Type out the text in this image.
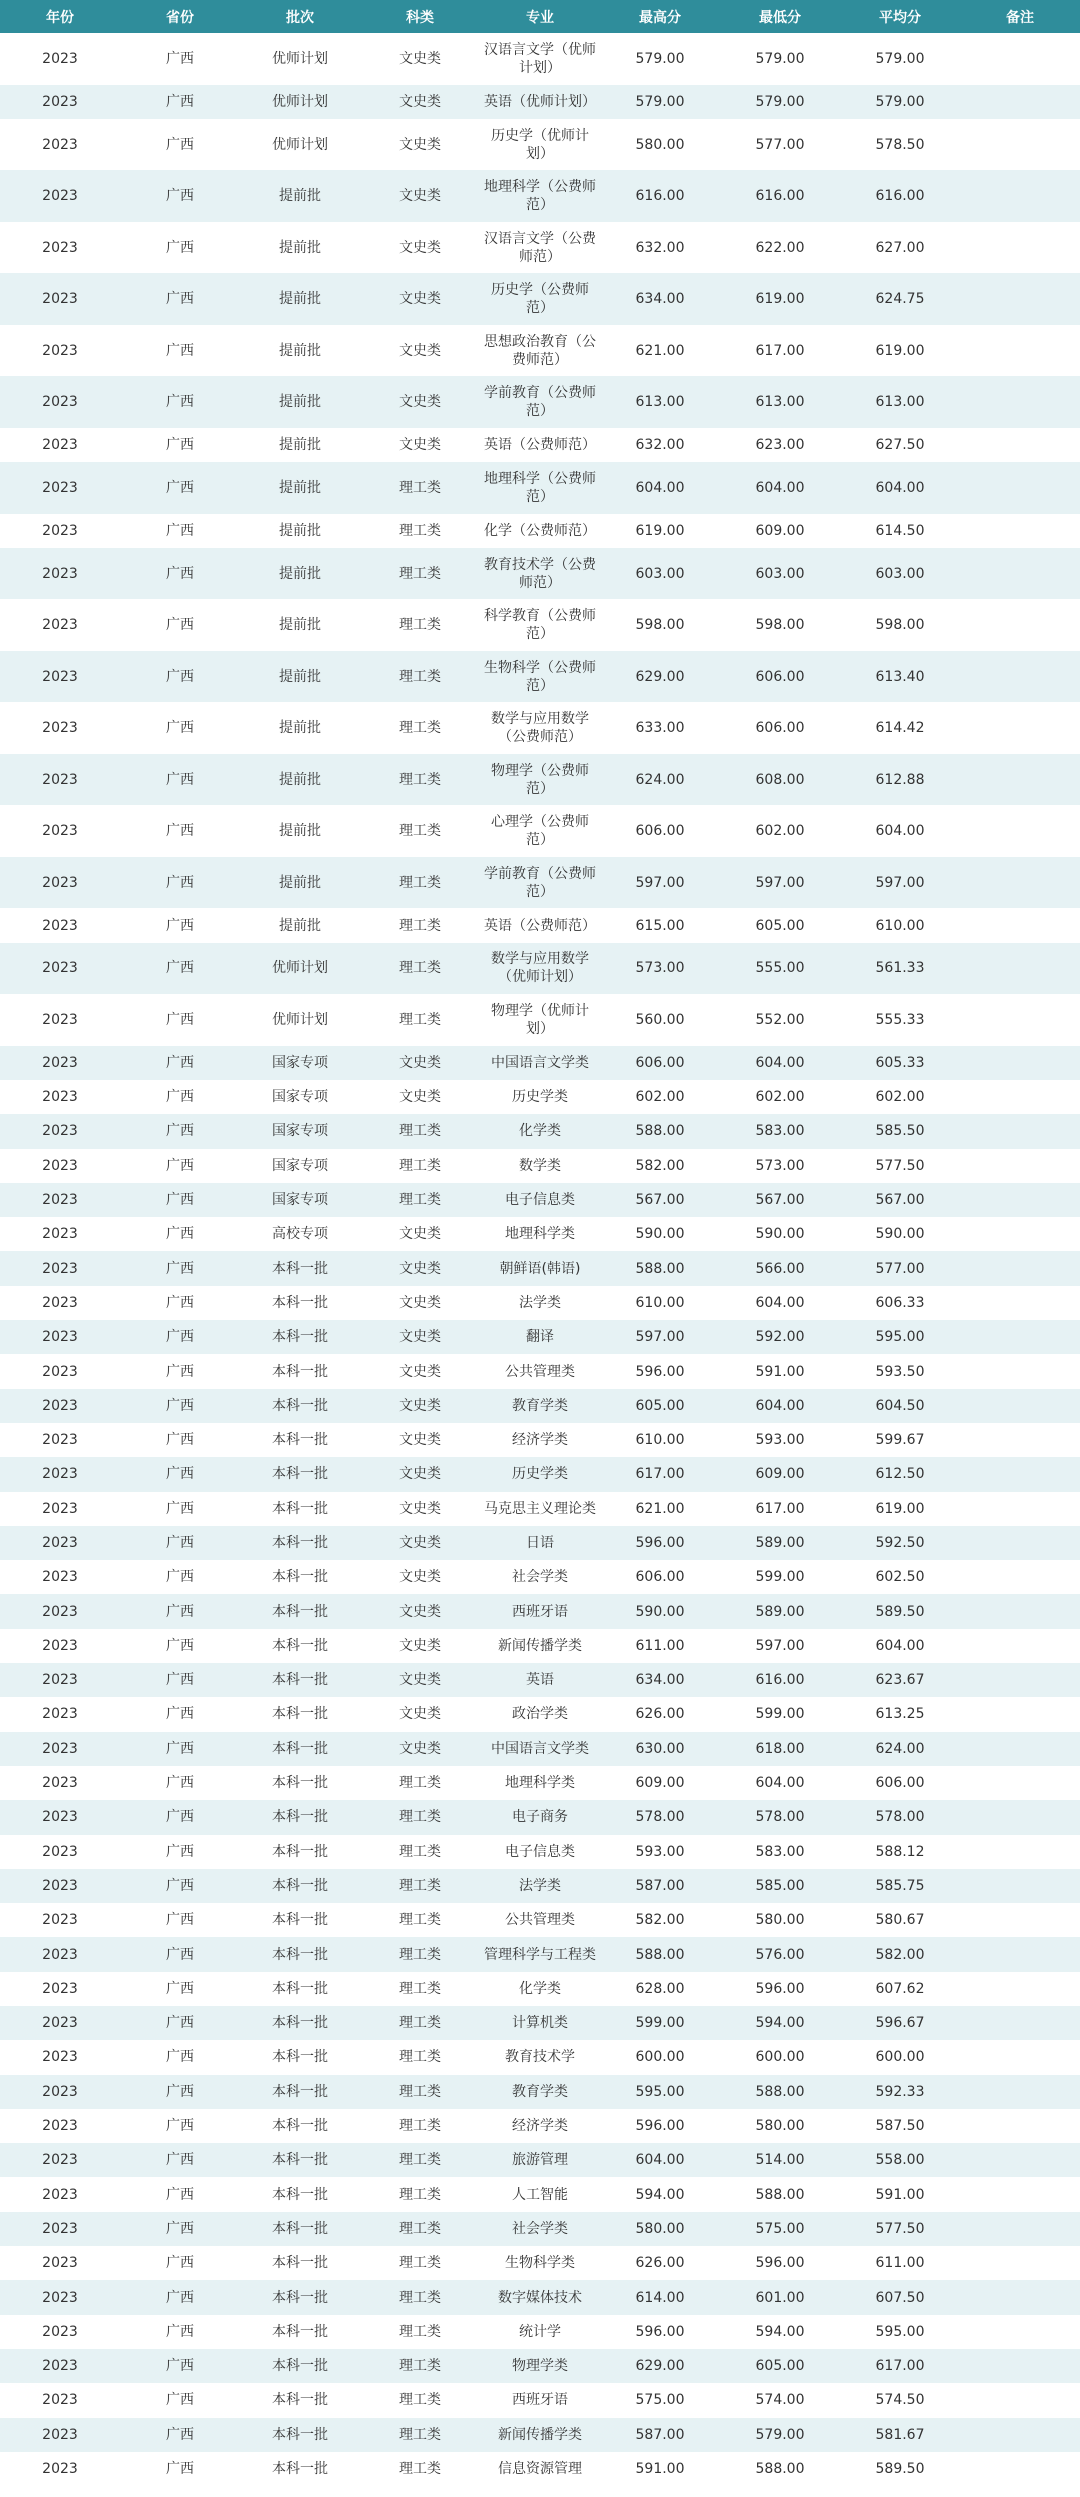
年份	省份	批次	科类	专业	最高分	最低分	平均分	备注
2023	广西	优师计划	文史类	汉语言文学（优师计划）	579.00	579.00	579.00	
2023	广西	优师计划	文史类	英语（优师计划）	579.00	579.00	579.00	
2023	广西	优师计划	文史类	历史学（优师计划）	580.00	577.00	578.50	
2023	广西	提前批	文史类	地理科学（公费师范）	616.00	616.00	616.00	
2023	广西	提前批	文史类	汉语言文学（公费师范）	632.00	622.00	627.00	
2023	广西	提前批	文史类	历史学（公费师范）	634.00	619.00	624.75	
2023	广西	提前批	文史类	思想政治教育（公费师范）	621.00	617.00	619.00	
2023	广西	提前批	文史类	学前教育（公费师范）	613.00	613.00	613.00	
2023	广西	提前批	文史类	英语（公费师范）	632.00	623.00	627.50	
2023	广西	提前批	理工类	地理科学（公费师范）	604.00	604.00	604.00	
2023	广西	提前批	理工类	化学（公费师范）	619.00	609.00	614.50	
2023	广西	提前批	理工类	教育技术学（公费师范）	603.00	603.00	603.00	
2023	广西	提前批	理工类	科学教育（公费师范）	598.00	598.00	598.00	
2023	广西	提前批	理工类	生物科学（公费师范）	629.00	606.00	613.40	
2023	广西	提前批	理工类	数学与应用数学（公费师范）	633.00	606.00	614.42	
2023	广西	提前批	理工类	物理学（公费师范）	624.00	608.00	612.88	
2023	广西	提前批	理工类	心理学（公费师范）	606.00	602.00	604.00	
2023	广西	提前批	理工类	学前教育（公费师范）	597.00	597.00	597.00	
2023	广西	提前批	理工类	英语（公费师范）	615.00	605.00	610.00	
2023	广西	优师计划	理工类	数学与应用数学（优师计划）	573.00	555.00	561.33	
2023	广西	优师计划	理工类	物理学（优师计划）	560.00	552.00	555.33	
2023	广西	国家专项	文史类	中国语言文学类	606.00	604.00	605.33	
2023	广西	国家专项	文史类	历史学类	602.00	602.00	602.00	
2023	广西	国家专项	理工类	化学类	588.00	583.00	585.50	
2023	广西	国家专项	理工类	数学类	582.00	573.00	577.50	
2023	广西	国家专项	理工类	电子信息类	567.00	567.00	567.00	
2023	广西	高校专项	文史类	地理科学类	590.00	590.00	590.00	
2023	广西	本科一批	文史类	朝鲜语(韩语)	588.00	566.00	577.00	
2023	广西	本科一批	文史类	法学类	610.00	604.00	606.33	
2023	广西	本科一批	文史类	翻译	597.00	592.00	595.00	
2023	广西	本科一批	文史类	公共管理类	596.00	591.00	593.50	
2023	广西	本科一批	文史类	教育学类	605.00	604.00	604.50	
2023	广西	本科一批	文史类	经济学类	610.00	593.00	599.67	
2023	广西	本科一批	文史类	历史学类	617.00	609.00	612.50	
2023	广西	本科一批	文史类	马克思主义理论类	621.00	617.00	619.00	
2023	广西	本科一批	文史类	日语	596.00	589.00	592.50	
2023	广西	本科一批	文史类	社会学类	606.00	599.00	602.50	
2023	广西	本科一批	文史类	西班牙语	590.00	589.00	589.50	
2023	广西	本科一批	文史类	新闻传播学类	611.00	597.00	604.00	
2023	广西	本科一批	文史类	英语	634.00	616.00	623.67	
2023	广西	本科一批	文史类	政治学类	626.00	599.00	613.25	
2023	广西	本科一批	文史类	中国语言文学类	630.00	618.00	624.00	
2023	广西	本科一批	理工类	地理科学类	609.00	604.00	606.00	
2023	广西	本科一批	理工类	电子商务	578.00	578.00	578.00	
2023	广西	本科一批	理工类	电子信息类	593.00	583.00	588.12	
2023	广西	本科一批	理工类	法学类	587.00	585.00	585.75	
2023	广西	本科一批	理工类	公共管理类	582.00	580.00	580.67	
2023	广西	本科一批	理工类	管理科学与工程类	588.00	576.00	582.00	
2023	广西	本科一批	理工类	化学类	628.00	596.00	607.62	
2023	广西	本科一批	理工类	计算机类	599.00	594.00	596.67	
2023	广西	本科一批	理工类	教育技术学	600.00	600.00	600.00	
2023	广西	本科一批	理工类	教育学类	595.00	588.00	592.33	
2023	广西	本科一批	理工类	经济学类	596.00	580.00	587.50	
2023	广西	本科一批	理工类	旅游管理	604.00	514.00	558.00	
2023	广西	本科一批	理工类	人工智能	594.00	588.00	591.00	
2023	广西	本科一批	理工类	社会学类	580.00	575.00	577.50	
2023	广西	本科一批	理工类	生物科学类	626.00	596.00	611.00	
2023	广西	本科一批	理工类	数字媒体技术	614.00	601.00	607.50	
2023	广西	本科一批	理工类	统计学	596.00	594.00	595.00	
2023	广西	本科一批	理工类	物理学类	629.00	605.00	617.00	
2023	广西	本科一批	理工类	西班牙语	575.00	574.00	574.50	
2023	广西	本科一批	理工类	新闻传播学类	587.00	579.00	581.67	
2023	广西	本科一批	理工类	信息资源管理	591.00	588.00	589.50	
